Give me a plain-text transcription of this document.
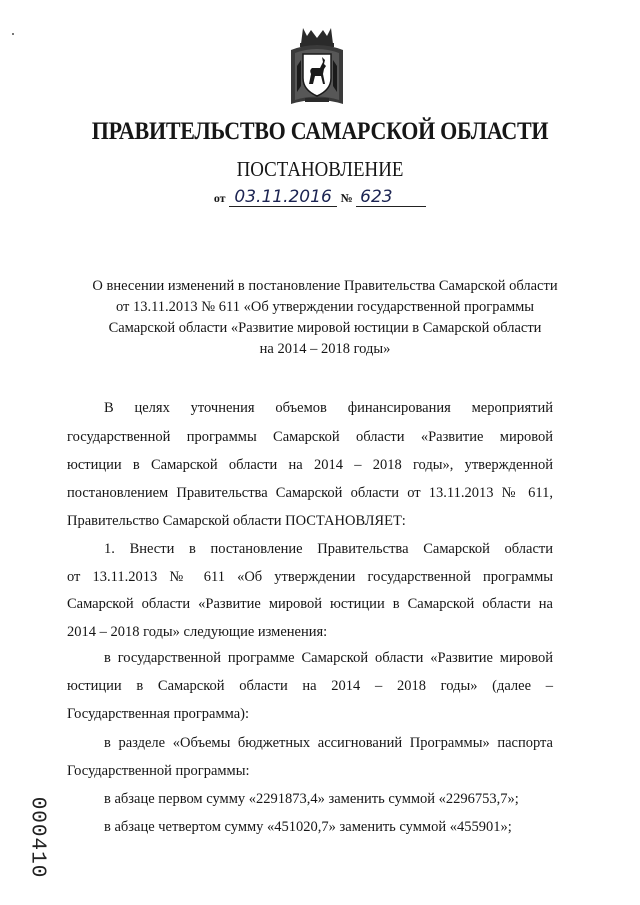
ПРАВИТЕЛЬСТВО САМАРСКОЙ ОБЛАСТИ
ПОСТАНОВЛЕНИЕ
от 03.11.2016 № 623
О внесении изменений в постановление Правительства Самарской области
от 13.11.2013 № 611 «Об утверждении государственной программы
Самарской области «Развитие мировой юстиции в Самарской области
на 2014 – 2018 годы»
В целях уточнения объемов финансирования мероприятий
государственной программы Самарской области «Развитие мировой
юстиции в Самарской области на 2014 – 2018 годы», утвержденной
постановлением Правительства Самарской области от 13.11.2013 № 611,
Правительство Самарской области ПОСТАНОВЛЯЕТ:
1. Внести в постановление Правительства Самарской области
от 13.11.2013 № 611 «Об утверждении государственной программы
Самарской области «Развитие мировой юстиции в Самарской области на
2014 – 2018 годы» следующие изменения:
в государственной программе Самарской области «Развитие мировой
юстиции в Самарской области на 2014 – 2018 годы» (далее –
Государственная программа):
в разделе «Объемы бюджетных ассигнований Программы» паспорта
Государственной программы:
в абзаце первом сумму «2291873,4» заменить суммой «2296753,7»;
в абзаце четвертом сумму «451020,7» заменить суммой «455901»;
000410
